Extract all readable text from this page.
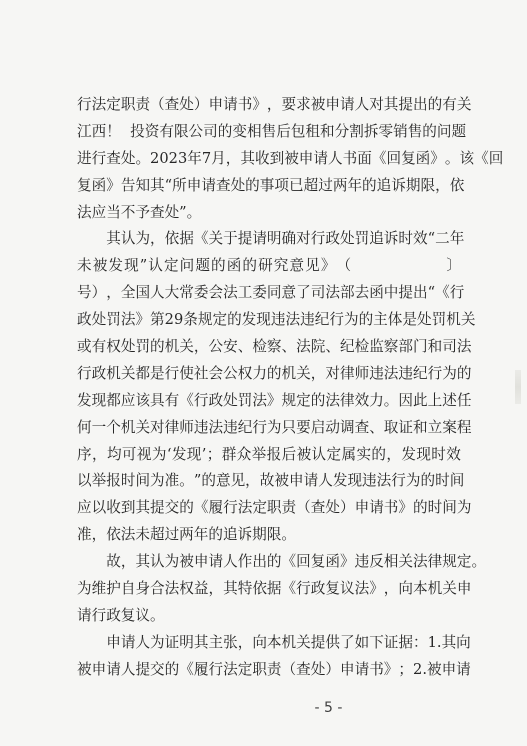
行 法 定 职 责 （ 查 处 ） 申 请 书 》 ， 要 求 被 申 请 人 对 其 提 出 的 有 关
江 西 ！

投 资 有 限 公 司 的 变 相 售 后 包 租 和 分 割 拆 零 销 售 的 问 题
进 行 查 处 。 2 0 2 3 年 7 月 ， 其 收 到 被 申 请 人 书 面 《 回 复 函 》 。 该 《 回
复 函 》 告 知 其 “ 所 申 请 查 处 的 事 项 已 超 过 两 年 的 追 诉 期 限 ， 依
法应当不予查处”。

其 认 为 ， 依 据 《 关 于 提 请 明 确 对 行 政 处 罚 追 诉 时 效 “ 二 年
未 被 发 现 ” 认 定 问 题 的 函 的 研 究 意 见 》 （

　	〕
号 ） ， 全 国 人 大 常 委 会 法 工 委 同 意 了 司 法 部 去 函 中 提 出 “ 《 行
政 处 罚 法 》 第 2 9 条 规 定 的 发 现 违 法 违 纪 行 为 的 主 体 是 处 罚 机 关
或 有 权 处 罚 的 机 关 ， 公 安 、 检 察 、 法 院 、 纪 检 监 察 部 门 和 司 法
行 政 机 关 都 是 行 使 社 会 公 权 力 的 机 关 ， 对 律 师 违 法 违 纪 行 为 的
发 现 都 应 该 具 有 《 行 政 处 罚 法 》 规 定 的 法 律 效 力 。 因 此 上 述 任
何 一 个 机 关 对 律 师 违 法 违 纪 行 为 只 要 启 动 调 查 、 取 证 和 立 案 程
序 ， 均 可 视 为 ‘ 发 现 ’ ； 群 众 举 报 后 被 认 定 属 实 的 ， 发 现 时 效
以 举 报 时 间 为 准 。 ” 的 意 见 ， 故 被 申 请 人 发 现 违 法 行 为 的 时 间
应 以 收 到 其 提 交 的 《 履 行 法 定 职 责 （ 查 处 ） 申 请 书 》 的 时 间 为
准，依法未超过两年的追诉期限。

故 ， 其 认 为 被 申 请 人 作 出 的 《 回 复 函 》 违 反 相 关 法 律 规 定 。
为 维 护 自 身 合 法 权 益 ， 其 特 依 据 《 行 政 复 议 法 》 ， 向 本 机 关 申
请行政复议。

申 请 人 为 证 明 其 主 张 ， 向 本 机 关 提 供 了 如 下 证 据 ： 1 . 其 向
被 申 请 人 提 交 的 《 履 行 法 定 职 责 （ 查 处 ） 申 请 书 》 ； 2 . 被 申 请
- 5 -
